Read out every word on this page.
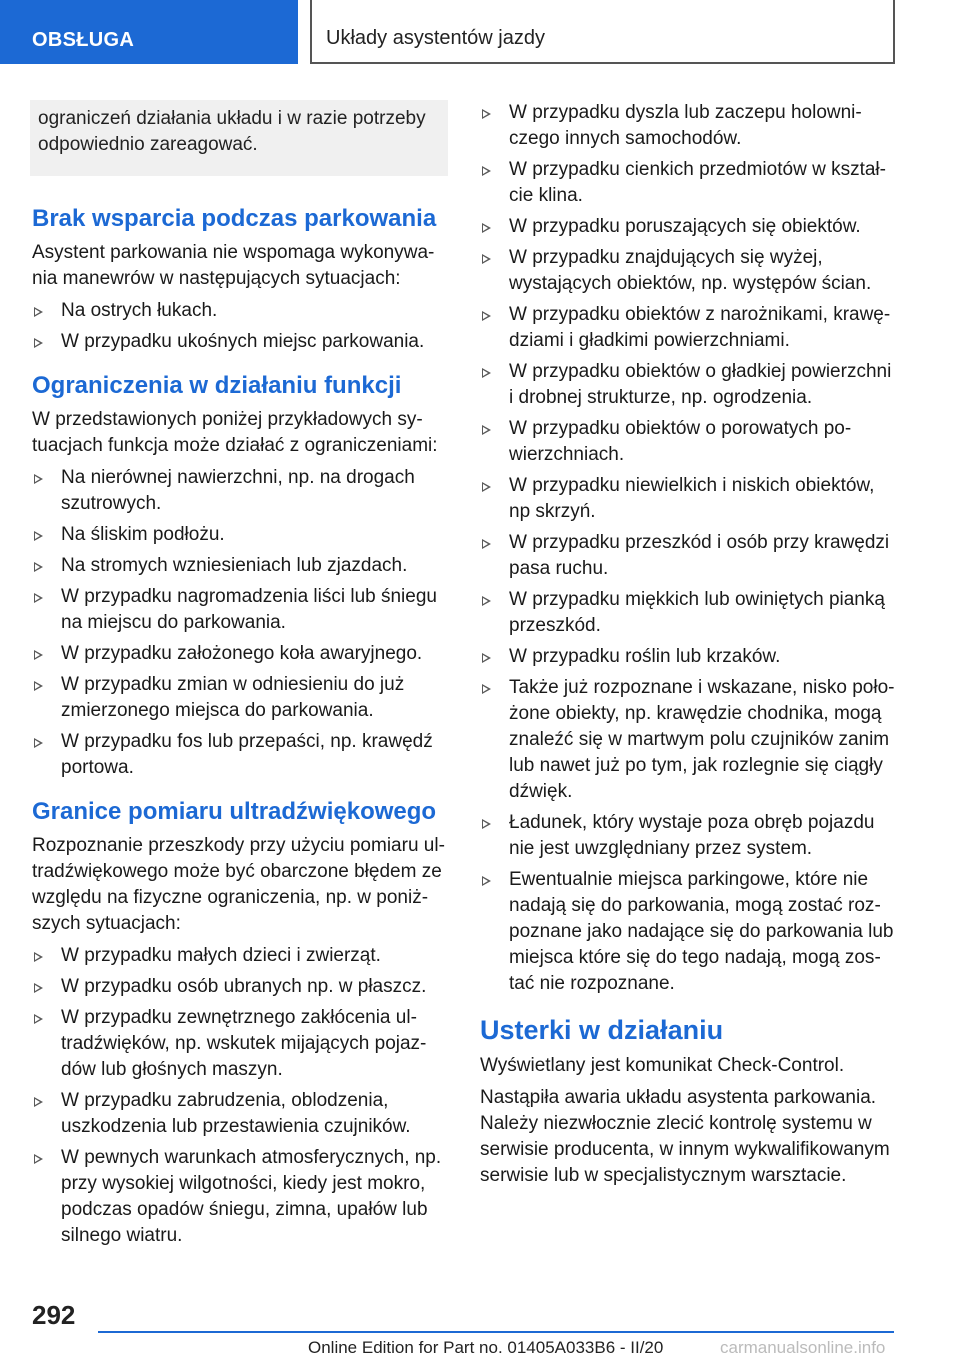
OBSŁUGA	Układy asystentów jazdy
ograniczeń działania układu i w razie potrzeby odpowiednio zareagować.
Brak wsparcia podczas parkowania

Asystent parkowania nie wspomaga wykonywania manewrów w następujących sytuacjach:

Na ostrych łukach.
W przypadku ukośnych miejsc parkowania.
Ograniczenia w działaniu funkcji

W przedstawionych poniżej przykładowych sytuacjach funkcja może działać z ograniczeniami:

Na nierównej nawierzchni, np. na drogach szutrowych.
Na śliskim podłożu.
Na stromych wzniesieniach lub zjazdach.
W przypadku nagromadzenia liści lub śniegu na miejscu do parkowania.
W przypadku założonego koła awaryjnego.
W przypadku zmian w odniesieniu do już zmierzonego miejsca do parkowania.
W przypadku fos lub przepaści, np. krawędź portowa.
Granice pomiaru ultradźwiękowego

Rozpoznanie przeszkody przy użyciu pomiaru ultradźwiękowego może być obarczone błędem ze względu na fizyczne ograniczenia, np. w poniższych sytuacjach:

W przypadku małych dzieci i zwierząt.
W przypadku osób ubranych np. w płaszcz.
W przypadku zewnętrznego zakłócenia ultradźwięków, np. wskutek mijających pojazdów lub głośnych maszyn.
W przypadku zabrudzenia, oblodzenia, uszkodzenia lub przestawienia czujników.
W pewnych warunkach atmosferycznych, np. przy wysokiej wilgotności, kiedy jest mokro, podczas opadów śniegu, zimna, upałów lub silnego wiatru.
W przypadku dyszla lub zaczepu holowniczego innych samochodów.
W przypadku cienkich przedmiotów w kształcie klina.
W przypadku poruszających się obiektów.
W przypadku znajdujących się wyżej, wystających obiektów, np. występów ścian.
W przypadku obiektów z narożnikami, krawędziami i gładkimi powierzchniami.
W przypadku obiektów o gładkiej powierzchni i drobnej strukturze, np. ogrodzenia.
W przypadku obiektów o porowatych powierzchniach.
W przypadku niewielkich i niskich obiektów, np skrzyń.
W przypadku przeszkód i osób przy krawędzi pasa ruchu.
W przypadku miękkich lub owiniętych pianką przeszkód.
W przypadku roślin lub krzaków.
Także już rozpoznane i wskazane, nisko położone obiekty, np. krawędzie chodnika, mogą znaleźć się w martwym polu czujników zanim lub nawet już po tym, jak rozlegnie się ciągły dźwięk.
Ładunek, który wystaje poza obręb pojazdu nie jest uwzględniany przez system.
Ewentualnie miejsca parkingowe, które nie nadają się do parkowania, mogą zostać rozpoznane jako nadające się do parkowania lub miejsca które się do tego nadają, mogą zostać nie rozpoznane.
Usterki w działaniu

Wyświetlany jest komunikat Check-Control.

Nastąpiła awaria układu asystenta parkowania. Należy niezwłocznie zlecić kontrolę systemu w serwisie producenta, w innym wykwalifikowanym serwisie lub w specjalistycznym warsztacie.

292
Online Edition for Part no. 01405A033B6 - II/20	carmanualsonline.info
